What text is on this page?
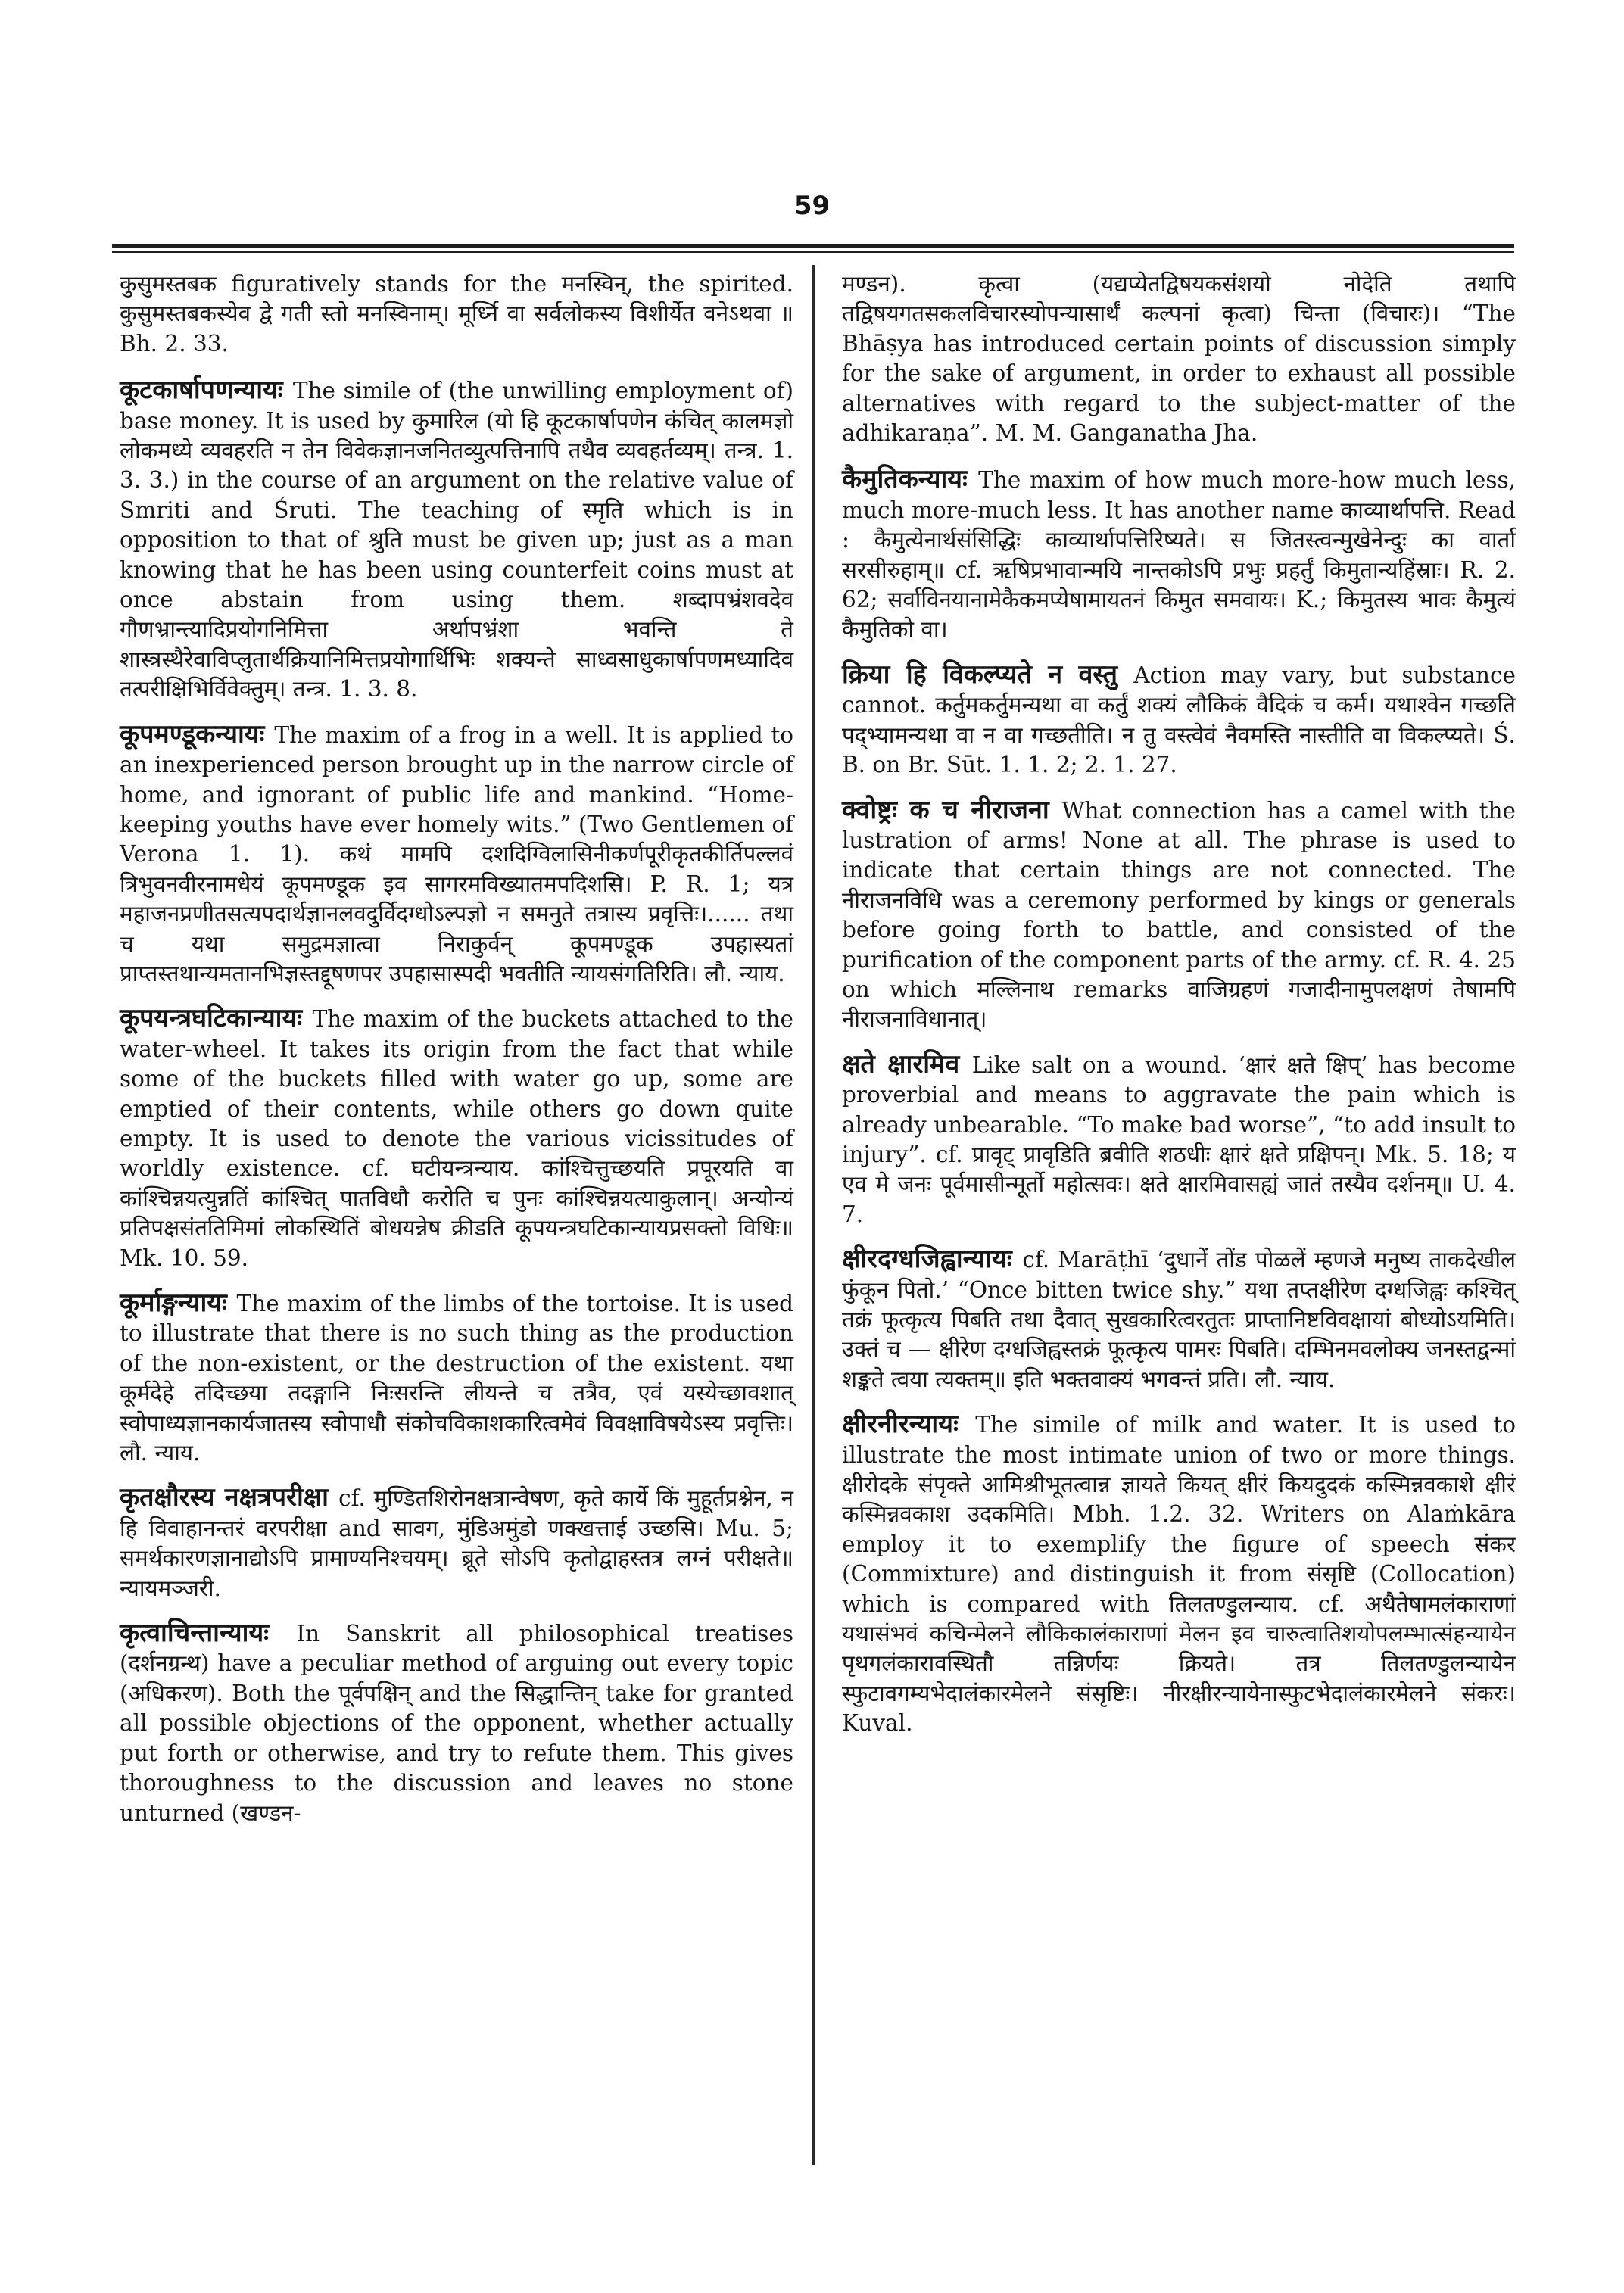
59

कुसुमस्तबक figuratively stands for the मनस्विन्, the spirited. कुसुमस्तबकस्येव द्वे गती स्तो मनस्विनाम्। मूर्ध्नि वा सर्वलोकस्य विशीर्येत वनेऽथवा ॥ Bh. 2. 33.

कूटकार्षापणन्यायः The simile of (the unwilling employment of) base money. It is used by कुमारिल (यो हि कूटकार्षापणेन कंचित् कालमज्ञो लोकमध्ये व्यवहरति न तेन विवेकज्ञानजनितव्युत्पत्तिनापि तथैव व्यवहर्तव्यम्। तन्त्र. 1. 3. 3.) in the course of an argument on the relative value of Smriti and Śruti. The teaching of स्मृति which is in opposition to that of श्रुति must be given up; just as a man knowing that he has been using counterfeit coins must at once abstain from using them. शब्दापभ्रंशवदेव गौणभ्रान्त्यादिप्रयोगनिमित्ता अर्थापभ्रंशा भवन्ति ते शास्त्रस्थैरेवाविप्लुतार्थक्रियानिमित्तप्रयोगार्थिभिः शक्यन्ते साध्वसाधुकार्षापणमध्यादिव तत्परीक्षिभिर्विवेक्तुम्। तन्त्र. 1. 3. 8.

कूपमण्डूकन्यायः The maxim of a frog in a well. It is applied to an inexperienced person brought up in the narrow circle of home, and ignorant of public life and mankind. “Home-keeping youths have ever homely wits.” (Two Gentlemen of Verona 1. 1). कथं मामपि दशदिग्विलासिनीकर्णपूरीकृतकीर्तिपल्लवं त्रिभुवनवीरनामधेयं कूपमण्डूक इव सागरमविख्यातमपदिशसि। P. R. 1; यत्र महाजनप्रणीतसत्यपदार्थज्ञानलवदुर्विदग्धोऽल्पज्ञो न समनुते तत्रास्य प्रवृत्तिः।...... तथा च यथा समुद्रमज्ञात्वा निराकुर्वन् कूपमण्डूक उपहास्यतां प्राप्तस्तथान्यमतानभिज्ञस्तद्दूषणपर उपहासास्पदी भवतीति न्यायसंगतिरिति। लौ. न्याय.

कूपयन्त्रघटिकान्यायः The maxim of the buckets attached to the water-wheel. It takes its origin from the fact that while some of the buckets filled with water go up, some are emptied of their contents, while others go down quite empty. It is used to denote the various vicissitudes of worldly existence. cf. घटीयन्त्रन्याय. कांश्चित्तुच्छयति प्रपूरयति वा कांश्चिन्नयत्युन्नतिं कांश्चित् पातविधौ करोति च पुनः कांश्चिन्नयत्याकुलान्। अन्योन्यं प्रतिपक्षसंततिमिमां लोकस्थितिं बोधयन्नेष क्रीडति कूपयन्त्रघटिकान्यायप्रसक्तो विधिः॥ Mk. 10. 59.

कूर्माङ्गन्यायः The maxim of the limbs of the tortoise. It is used to illustrate that there is no such thing as the production of the non-existent, or the destruction of the existent. यथा कूर्मदेहे तदिच्छया तदङ्गानि निःसरन्ति लीयन्ते च तत्रैव, एवं यस्येच्छावशात् स्वोपाध्यज्ञानकार्यजातस्य स्वोपाधौ संकोचविकाशकारित्वमेवं विवक्षाविषयेऽस्य प्रवृत्तिः। लौ. न्याय.

कृतक्षौरस्य नक्षत्रपरीक्षा cf. मुण्डितशिरोनक्षत्रान्वेषण, कृते कार्ये किं मुहूर्तप्रश्नेन, न हि विवाहानन्तरं वरपरीक्षा and सावग, मुंडिअमुंडो णक्खत्ताई उच्छसि। Mu. 5; समर्थकारणज्ञानाद्योऽपि प्रामाण्यनिश्चयम्। ब्रूते सोऽपि कृतोद्वाहस्तत्र लग्नं परीक्षते॥ न्यायमञ्जरी.

कृत्वाचिन्तान्यायः In Sanskrit all philosophical treatises (दर्शनग्रन्थ) have a peculiar method of arguing out every topic (अधिकरण). Both the पूर्वपक्षिन् and the सिद्धान्तिन् take for granted all possible objections of the opponent, whether actually put forth or otherwise, and try to refute them. This gives thoroughness to the discussion and leaves no stone unturned (खण्डन-

मण्डन). कृत्वा (यद्यप्येतद्विषयकसंशयो नोदेति तथापि तद्विषयगतसकलविचारस्योपन्यासार्थं कल्पनां कृत्वा) चिन्ता (विचारः)। “The Bhāṣya has introduced certain points of discussion simply for the sake of argument, in order to exhaust all possible alternatives with regard to the subject-matter of the adhikaraṇa”. M. M. Ganganatha Jha.

कैमुतिकन्यायः The maxim of how much more-how much less, much more-much less. It has another name काव्यार्थापत्ति. Read : कैमुत्येनार्थसंसिद्धिः काव्यार्थापत्तिरिष्यते। स जितस्त्वन्मुखेनेन्दुः का वार्ता सरसीरुहाम्॥ cf. ऋषिप्रभावान्मयि नान्तकोऽपि प्रभुः प्रहर्तुं किमुतान्यहिंस्राः। R. 2. 62; सर्वाविनयानामेकैकमप्येषामायतनं किमुत समवायः। K.; किमुतस्य भावः कैमुत्यं कैमुतिको वा।

क्रिया हि विकल्प्यते न वस्तु Action may vary, but substance cannot. कर्तुमकर्तुमन्यथा वा कर्तुं शक्यं लौकिकं वैदिकं च कर्म। यथाश्वेन गच्छति पद्भ्यामन्यथा वा न वा गच्छतीति। न तु वस्त्वेवं नैवमस्ति नास्तीति वा विकल्प्यते। Ś. B. on Br. Sūt. 1. 1. 2; 2. 1. 27.

क्वोष्ट्रः क च नीराजना What connection has a camel with the lustration of arms! None at all. The phrase is used to indicate that certain things are not connected. The नीराजनविधि was a ceremony performed by kings or generals before going forth to battle, and consisted of the purification of the component parts of the army. cf. R. 4. 25 on which मल्लिनाथ remarks वाजिग्रहणं गजादीनामुपलक्षणं तेषामपि नीराजनाविधानात्।

क्षते क्षारमिव Like salt on a wound. ‘क्षारं क्षते क्षिप्’ has become proverbial and means to aggravate the pain which is already unbearable. “To make bad worse”, “to add insult to injury”. cf. प्रावृट् प्रावृडिति ब्रवीति शठधीः क्षारं क्षते प्रक्षिपन्। Mk. 5. 18; य एव मे जनः पूर्वमासीन्मूर्तो महोत्सवः। क्षते क्षारमिवासह्यं जातं तस्यैव दर्शनम्॥ U. 4. 7.

क्षीरदग्धजिह्वान्यायः cf. Marāṭhī ‘दुधानें तोंड पोळलें म्हणजे मनुष्य ताकदेखील फुंकून पितो.’ “Once bitten twice shy.” यथा तप्तक्षीरेण दग्धजिह्वः कश्चित् तक्रं फूत्कृत्य पिबति तथा दैवात् सुखकारित्वरतुतः प्राप्तानिष्टविवक्षायां बोध्योऽयमिति। उक्तं च — क्षीरेण दग्धजिह्वस्तक्रं फूत्कृत्य पामरः पिबति। दम्भिनमवलोक्य जनस्तद्वन्मां शङ्कते त्वया त्यक्तम्॥ इति भक्तवाक्यं भगवन्तं प्रति। लौ. न्याय.

क्षीरनीरन्यायः The simile of milk and water. It is used to illustrate the most intimate union of two or more things. क्षीरोदके संपृक्ते आमिश्रीभूतत्वान्न ज्ञायते कियत् क्षीरं कियदुदकं कस्मिन्नवकाशे क्षीरं कस्मिन्नवकाश उदकमिति। Mbh. 1.2. 32. Writers on Alaṁkāra employ it to exemplify the figure of speech संकर (Commixture) and distinguish it from संसृष्टि (Collocation) which is compared with तिलतण्डुलन्याय. cf. अथैतेषामलंकाराणां यथासंभवं कचिन्मेलने लौकिकालंकाराणां मेलन इव चारुत्वातिशयोपलम्भात्संहन्यायेन पृथगलंकारावस्थितौ तन्निर्णयः क्रियते। तत्र तिलतण्डुलन्यायेन स्फुटावगम्यभेदालंकारमेलने संसृष्टिः। नीरक्षीरन्यायेनास्फुटभेदालंकारमेलने संकरः। Kuval.
